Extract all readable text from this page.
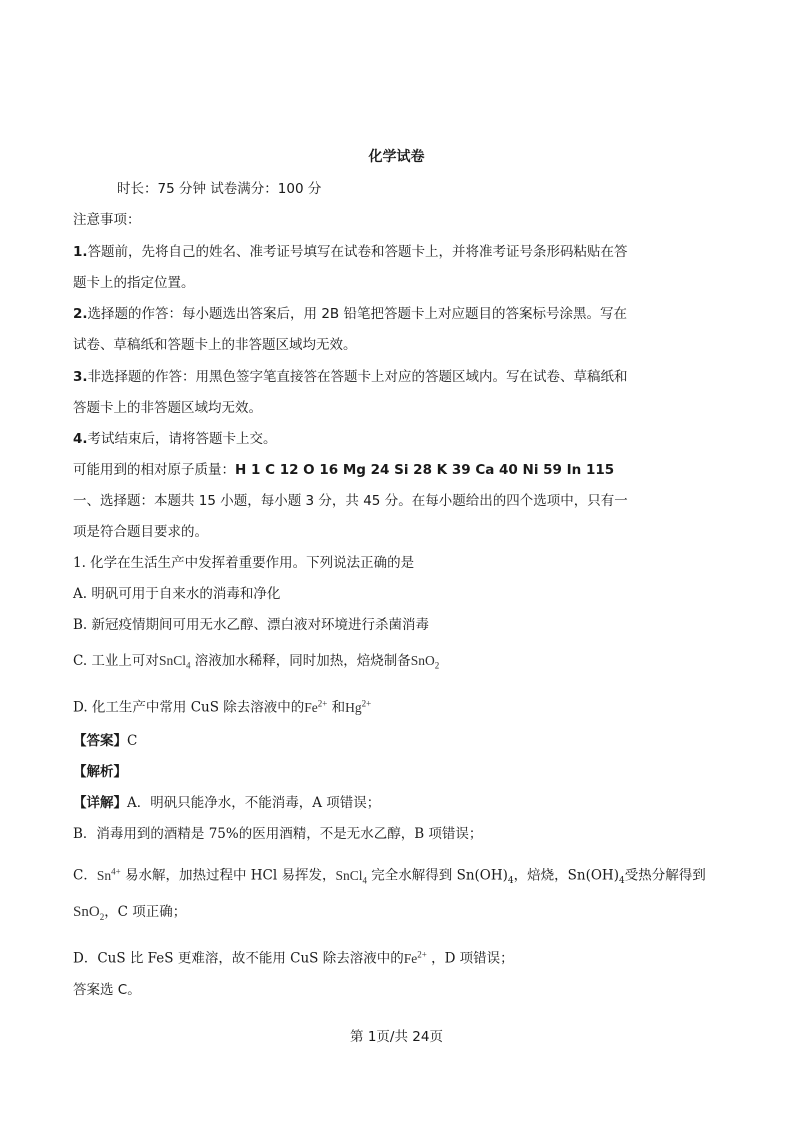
化学试卷
时长：75 分钟 试卷满分：100 分
注意事项：
1.答题前，先将自己的姓名、准考证号填写在试卷和答题卡上，并将准考证号条形码粘贴在答
题卡上的指定位置。
2.选择题的作答：每小题选出答案后，用 2B 铅笔把答题卡上对应题目的答案标号涂黑。写在
试卷、草稿纸和答题卡上的非答题区域均无效。
3.非选择题的作答：用黑色签字笔直接答在答题卡上对应的答题区域内。写在试卷、草稿纸和
答题卡上的非答题区域均无效。
4.考试结束后，请将答题卡上交。
可能用到的相对原子质量：H 1 C 12 O 16 Mg 24 Si 28 K 39 Ca 40 Ni 59 In 115
一、选择题：本题共 15 小题，每小题 3 分，共 45 分。在每小题给出的四个选项中，只有一
项是符合题目要求的。
1. 化学在生活生产中发挥着重要作用。下列说法正确的是
A. 明矾可用于自来水的消毒和净化
B. 新冠疫情期间可用无水乙醇、漂白液对环境进行杀菌消毒
C. 工业上可对SnCl$_4$ 溶液加水稀释，同时加热，焙烧制备SnO$_2$
D. 化工生产中常用 CuS 除去溶液中的$Fe^{2+}$ 和$Hg^{2+}$
【答案】C
【解析】
【详解】A．明矾只能净水，不能消毒，A 项错误；
B．消毒用到的酒精是 75%的医用酒精，不是无水乙醇，B 项错误；
C．$Sn^{4+}$ 易水解，加热过程中 HCl 易挥发，SnCl$_4$ 完全水解得到 $Sn(OH)_4$，焙烧，$Sn(OH)_4$受热分解得到
SnO$_2$，C 项正确；
D．CuS 比 FeS 更难溶，故不能用 CuS 除去溶液中的$Fe^{2+}$ ，D 项错误；
答案选 C。
第 1页/共 24页
